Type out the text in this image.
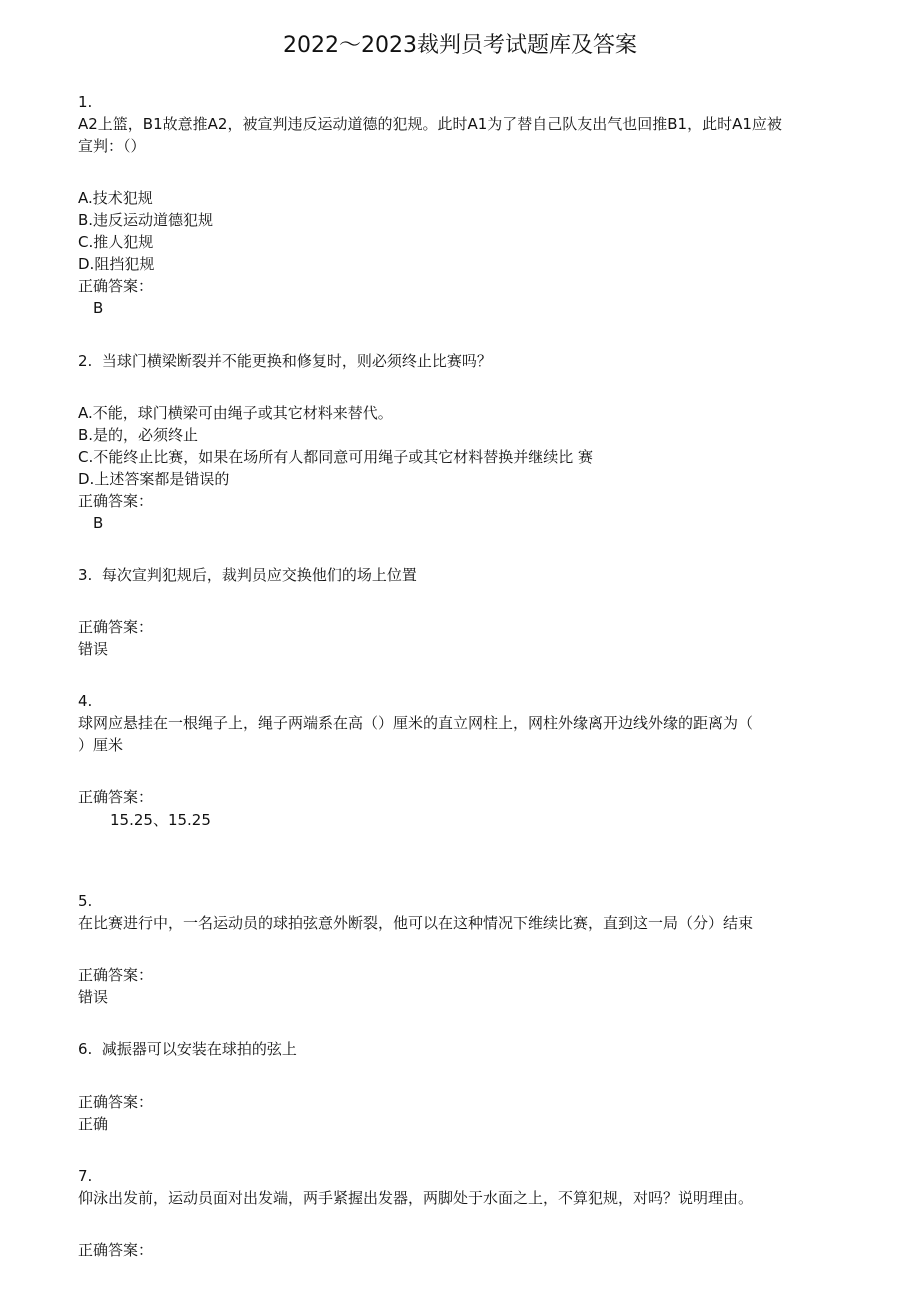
2022～2023裁判员考试题库及答案
1.
A2上篮，B1故意推A2，被宣判违反运动道德的犯规。此时A1为了替自己队友出气也回推B1，此时A1应被
宣判：（）
A.技术犯规
B.违反运动道德犯规
C.推人犯规
D.阻挡犯规
正确答案：
B
2. 当球门横梁断裂并不能更换和修复时，则必须终止比赛吗？
A.不能，球门横梁可由绳子或其它材料来替代。
B.是的，必须终止
C.不能终止比赛，如果在场所有人都同意可用绳子或其它材料替换并继续比 赛
D.上述答案都是错误的
正确答案：
B
3. 每次宣判犯规后，裁判员应交换他们的场上位置
正确答案：
错误
4.
球网应悬挂在一根绳子上，绳子两端系在高（）厘米的直立网柱上，网柱外缘离开边线外缘的距离为（
）厘米
正确答案：
15.25、15.25
5.
在比赛进行中，一名运动员的球拍弦意外断裂，他可以在这种情况下维续比赛，直到这一局（分）结束
正确答案：
错误
6. 减振器可以安装在球拍的弦上
正确答案：
正确
7.
仰泳出发前，运动员面对出发端，两手紧握出发器，两脚处于水面之上，不算犯规，对吗？说明理由。
正确答案：
